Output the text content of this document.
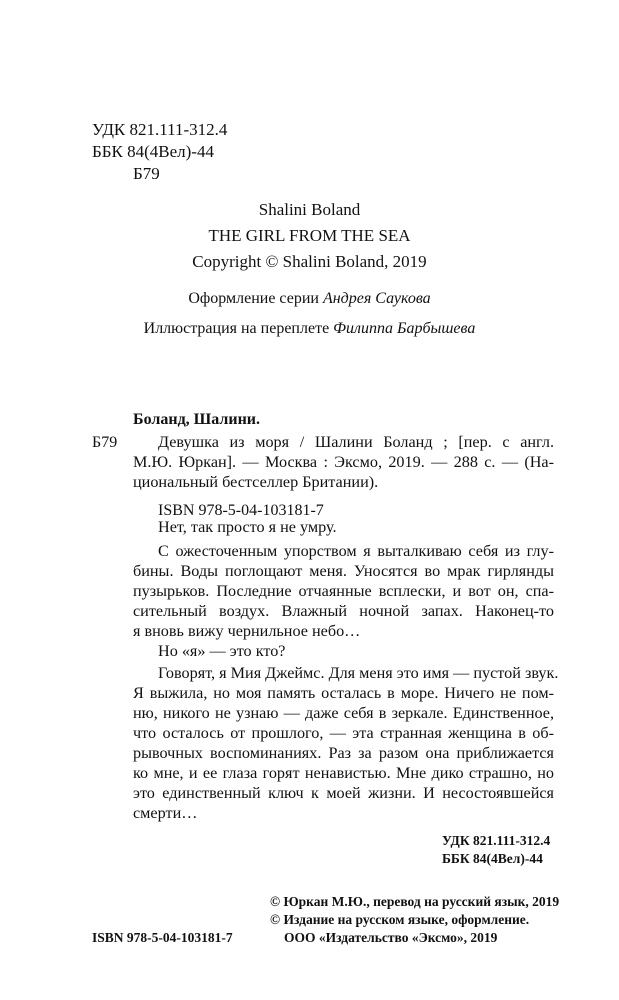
УДК 821.111-312.4
ББК 84(4Вел)-44
Б79
Shalini Boland
THE GIRL FROM THE SEA
Copyright © Shalini Boland, 2019
Оформление серии Андрея Саукова
Иллюстрация на переплете Филиппа Барбышева
Боланд, Шалини.
Б79	Девушка из моря / Шалини Боланд ; [пер. с англ.
М.Ю. Юркан]. — Москва : Эксмо, 2019. — 288 с. — (На-
циональный бестселлер Британии).
ISBN 978-5-04-103181-7
Нет, так просто я не умру.
С ожесточенным упорством я выталкиваю себя из глу-
бины. Воды поглощают меня. Уносятся во мрак гирлянды
пузырьков. Последние отчаянные всплески, и вот он, спа-
сительный воздух. Влажный ночной запах. Наконец-то
я вновь вижу чернильное небо…
Но «я» — это кто?
Говорят, я Мия Джеймс. Для меня это имя — пустой звук.
Я выжила, но моя память осталась в море. Ничего не пом-
ню, никого не узнаю — даже себя в зеркале. Единственное,
что осталось от прошлого, — эта странная женщина в об-
рывочных воспоминаниях. Раз за разом она приближается
ко мне, и ее глаза горят ненавистью. Мне дико страшно, но
это единственный ключ к моей жизни. И несостоявшейся
смерти…
УДК 821.111-312.4
ББК 84(4Вел)-44
© Юркан М.Ю., перевод на русский язык, 2019
© Издание на русском языке, оформление.
ISBN 978-5-04-103181-7	ООО «Издательство «Эксмо», 2019
